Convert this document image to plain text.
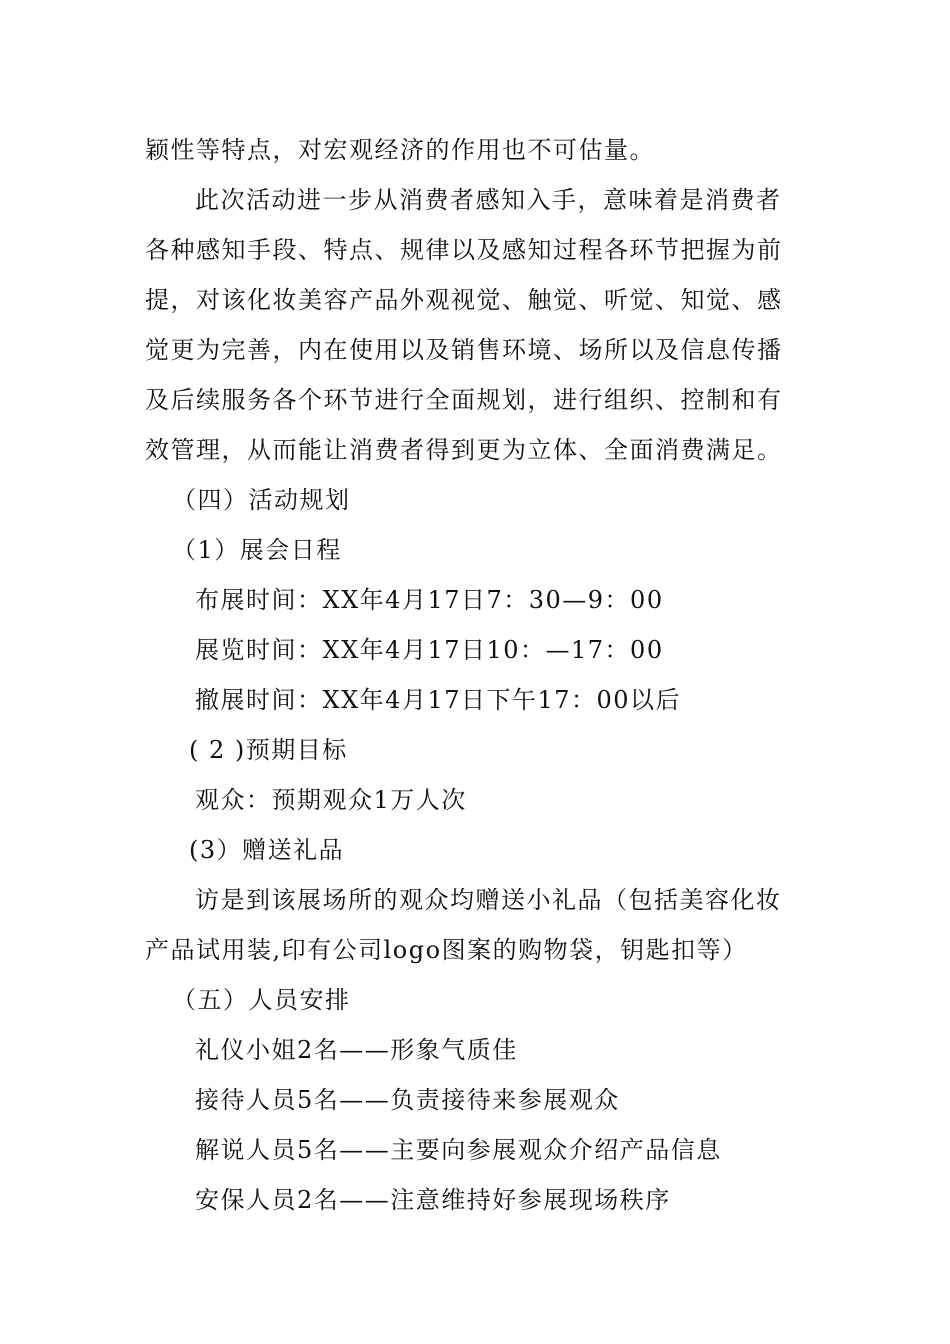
颖性等特点，对宏观经济的作用也不可估量。
此次活动进一步从消费者感知入手，意味着是消费者
各种感知手段、特点、规律以及感知过程各环节把握为前
提，对该化妆美容产品外观视觉、触觉、听觉、知觉、感
觉更为完善，内在使用以及销售环境、场所以及信息传播
及后续服务各个环节进行全面规划，进行组织、控制和有
效管理，从而能让消费者得到更为立体、全面消费满足。
（四）活动规划
（1）展会日程
布展时间：XX年4月17日7：30—9：00
展览时间：XX年4月17日10：—17：00
撤展时间：XX年4月17日下午17：00以后
( 2 )预期目标
观众：预期观众1万人次
(3）赠送礼品
访是到该展场所的观众均赠送小礼品（包括美容化妆
产品试用装,印有公司logo图案的购物袋，钥匙扣等）
（五）人员安排
礼仪小姐2名——形象气质佳
接待人员5名——负责接待来参展观众
解说人员5名——主要向参展观众介绍产品信息
安保人员2名——注意维持好参展现场秩序
